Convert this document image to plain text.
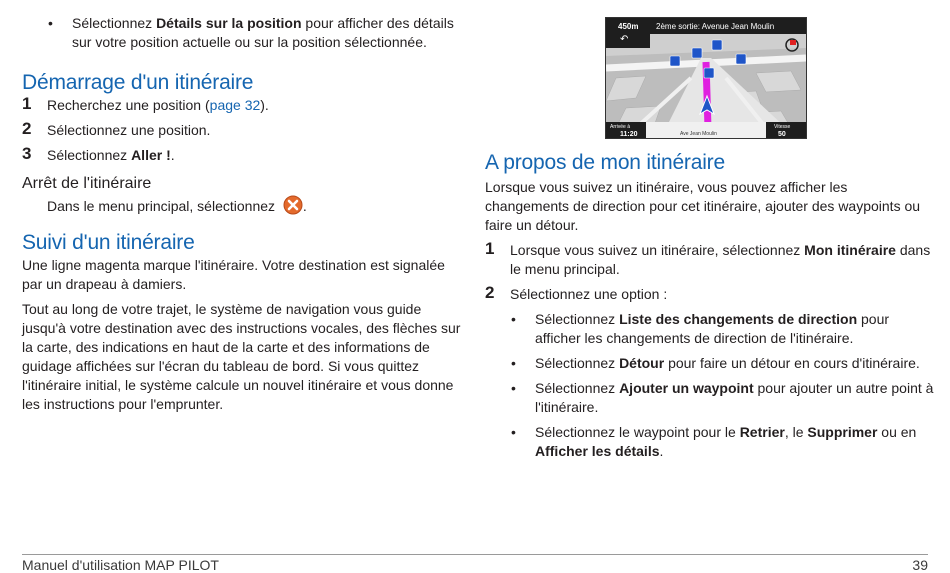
• Sélectionnez Détails sur la position pour afficher des détails sur votre position actuelle ou sur la position sélectionnée.
Démarrage d'un itinéraire
1 Recherchez une position (page 32).
2 Sélectionnez une position.
3 Sélectionnez Aller !.
Arrêt de l'itinéraire
Dans le menu principal, sélectionnez .
Suivi d'un itinéraire

Une ligne magenta marque l'itinéraire. Votre destination est signalée par un drapeau à damiers.

Tout au long de votre trajet, le système de navigation vous guide jusqu'à votre destination avec des instructions vocales, des flèches sur la carte, des indications en haut de la carte et des informations de guidage affichées sur l'écran du tableau de bord. Si vous quittez l'itinéraire initial, le système calcule un nouvel itinéraire et vous donne les instructions pour l'emprunter.

450m
↶
2ème sortie: Avenue Jean Moulin
Arrivée à
11:20	Ave Jean Moulin
Vitesse
50
A propos de mon itinéraire

Lorsque vous suivez un itinéraire, vous pouvez afficher les changements de direction pour cet itinéraire, ajouter des waypoints ou faire un détour.

1 Lorsque vous suivez un itinéraire, sélectionnez Mon itinéraire dans le menu principal.
2 Sélectionnez une option :
• Sélectionnez Liste des changements de direction pour afficher les changements de direction de l'itinéraire.
• Sélectionnez Détour pour faire un détour en cours d'itinéraire.
• Sélectionnez Ajouter un waypoint pour ajouter un autre point à l'itinéraire.
• Sélectionnez le waypoint pour le Retrier, le Supprimer ou en Afficher les détails.
Manuel d'utilisation MAP PILOT	39
